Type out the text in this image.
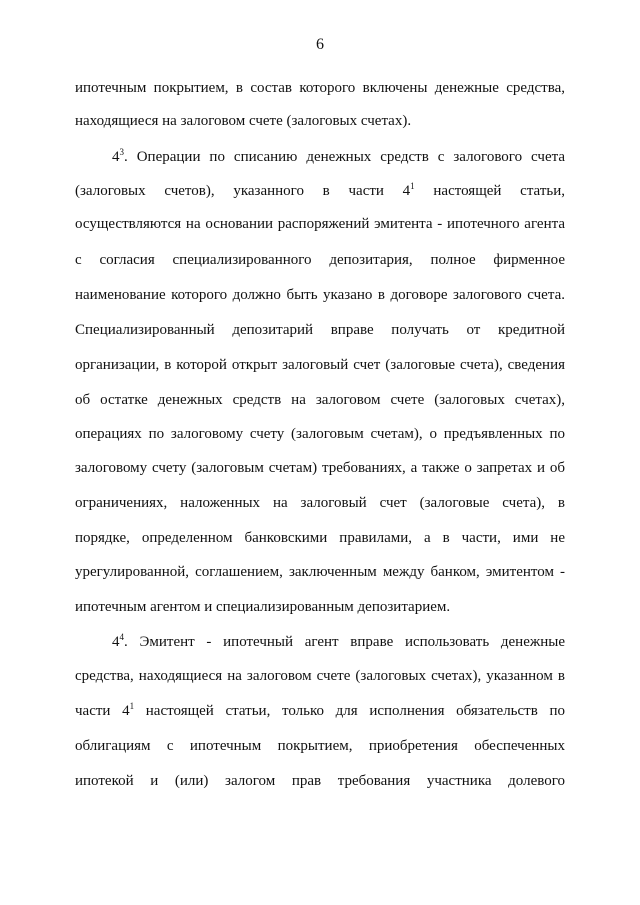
6
ипотечным покрытием, в состав которого включены денежные средства,
находящиеся на залоговом счете (залоговых счетах).
$4^3$. Операции по списанию денежных средств с залогового счета
(залоговых счетов), указанного в части $4^1$ настоящей статьи,
осуществляются на основании распоряжений эмитента - ипотечного агента
с согласия специализированного депозитария, полное фирменное
наименование которого должно быть указано в договоре залогового счета.
Специализированный депозитарий вправе получать от кредитной
организации, в которой открыт залоговый счет (залоговые счета), сведения
об остатке денежных средств на залоговом счете (залоговых счетах),
операциях по залоговому счету (залоговым счетам), о предъявленных по
залоговому счету (залоговым счетам) требованиях, а также о запретах и об
ограничениях, наложенных на залоговый счет (залоговые счета), в
порядке, определенном банковскими правилами, а в части, ими не
урегулированной, соглашением, заключенным между банком, эмитентом -
ипотечным агентом и специализированным депозитарием.
$4^4$. Эмитент - ипотечный агент вправе использовать денежные
средства, находящиеся на залоговом счете (залоговых счетах), указанном в
части $4^1$ настоящей статьи, только для исполнения обязательств по
облигациям с ипотечным покрытием, приобретения обеспеченных
ипотекой и (или) залогом прав требования участника долевого
